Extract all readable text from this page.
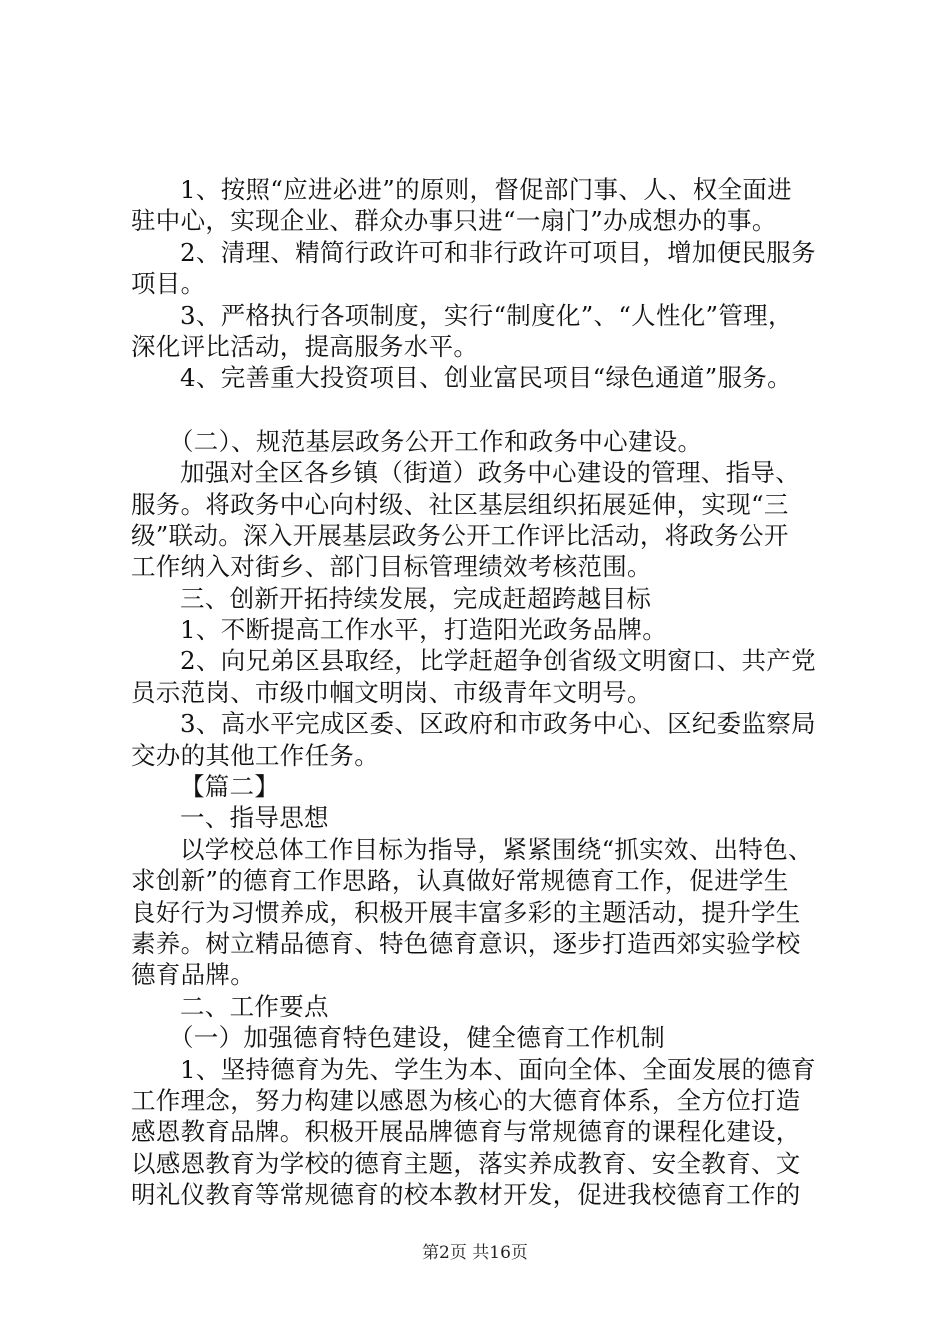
1、按照“应进必进”的原则，督促部门事、人、权全面进
驻中心，实现企业、群众办事只进“一扇门”办成想办的事。
2、清理、精简行政许可和非行政许可项目，增加便民服务
项目。
3、严格执行各项制度，实行“制度化”、“人性化”管理，
深化评比活动，提高服务水平。
4、完善重大投资项目、创业富民项目“绿色通道”服务。
（二）、规范基层政务公开工作和政务中心建设。
加强对全区各乡镇（街道）政务中心建设的管理、指导、
服务。将政务中心向村级、社区基层组织拓展延伸，实现“三
级”联动。深入开展基层政务公开工作评比活动，将政务公开
工作纳入对街乡、部门目标管理绩效考核范围。
三、创新开拓持续发展，完成赶超跨越目标
1、不断提高工作水平，打造阳光政务品牌。
2、向兄弟区县取经，比学赶超争创省级文明窗口、共产党
员示范岗、市级巾帼文明岗、市级青年文明号。
3、高水平完成区委、区政府和市政务中心、区纪委监察局
交办的其他工作任务。
【篇二】
一、指导思想
以学校总体工作目标为指导，紧紧围绕“抓实效、出特色、
求创新”的德育工作思路，认真做好常规德育工作，促进学生
良好行为习惯养成，积极开展丰富多彩的主题活动，提升学生
素养。树立精品德育、特色德育意识，逐步打造西郊实验学校
德育品牌。
二、工作要点
（一）加强德育特色建设，健全德育工作机制
1、坚持德育为先、学生为本、面向全体、全面发展的德育
工作理念，努力构建以感恩为核心的大德育体系，全方位打造
感恩教育品牌。积极开展品牌德育与常规德育的课程化建设，
以感恩教育为学校的德育主题，落实养成教育、安全教育、文
明礼仪教育等常规德育的校本教材开发，促进我校德育工作的
第2页 共16页
